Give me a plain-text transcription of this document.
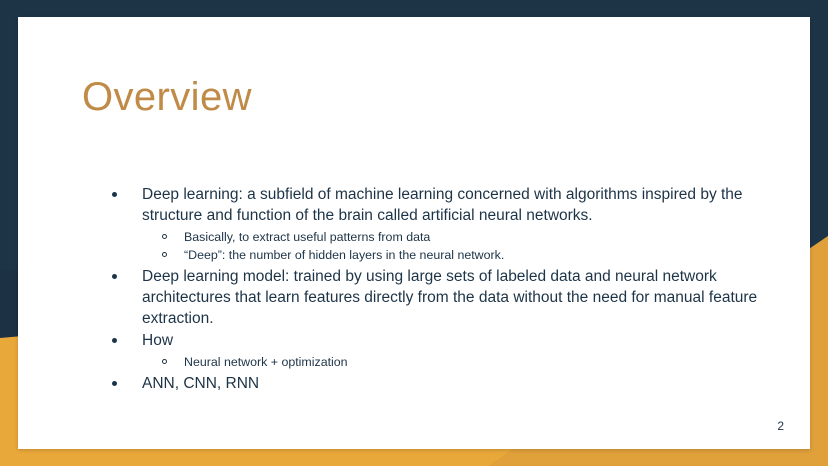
Overview
Deep learning: a subfield of machine learning concerned with algorithms inspired by the structure and function of the brain called artificial neural networks.
Basically, to extract useful patterns from data
“Deep”: the number of hidden layers in the neural network.
Deep learning model: trained by using large sets of labeled data and neural network architectures that learn features directly from the data without the need for manual feature extraction.
How
Neural network + optimization
ANN, CNN, RNN
2
